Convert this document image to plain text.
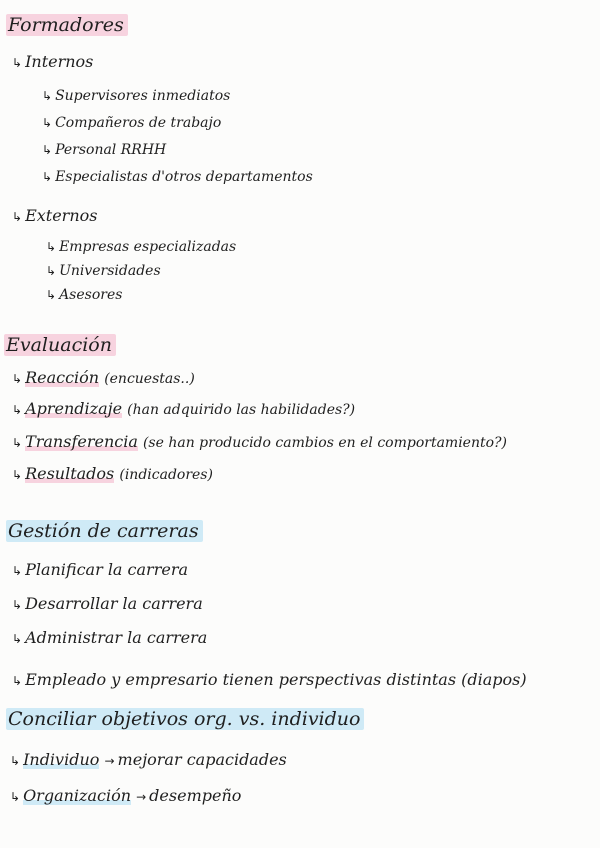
Formadores
↳ Internos
↳ Supervisores inmediatos
↳ Compañeros de trabajo
↳ Personal RRHH
↳ Especialistas d'otros departamentos
↳ Externos
↳ Empresas especializadas
↳ Universidades
↳ Asesores
Evaluación
↳ Reacción (encuestas..)
↳ Aprendizaje (han adquirido las habilidades?)
↳ Transferencia (se han producido cambios en el comportamiento?)
↳ Resultados (indicadores)
Gestión de carreras
↳ Planificar la carrera
↳ Desarrollar la carrera
↳ Administrar la carrera
↳ Empleado y empresario tienen perspectivas distintas (diapos)
Conciliar objetivos org. vs. individuo
↳ Individuo → mejorar capacidades
↳ Organización → desempeño
